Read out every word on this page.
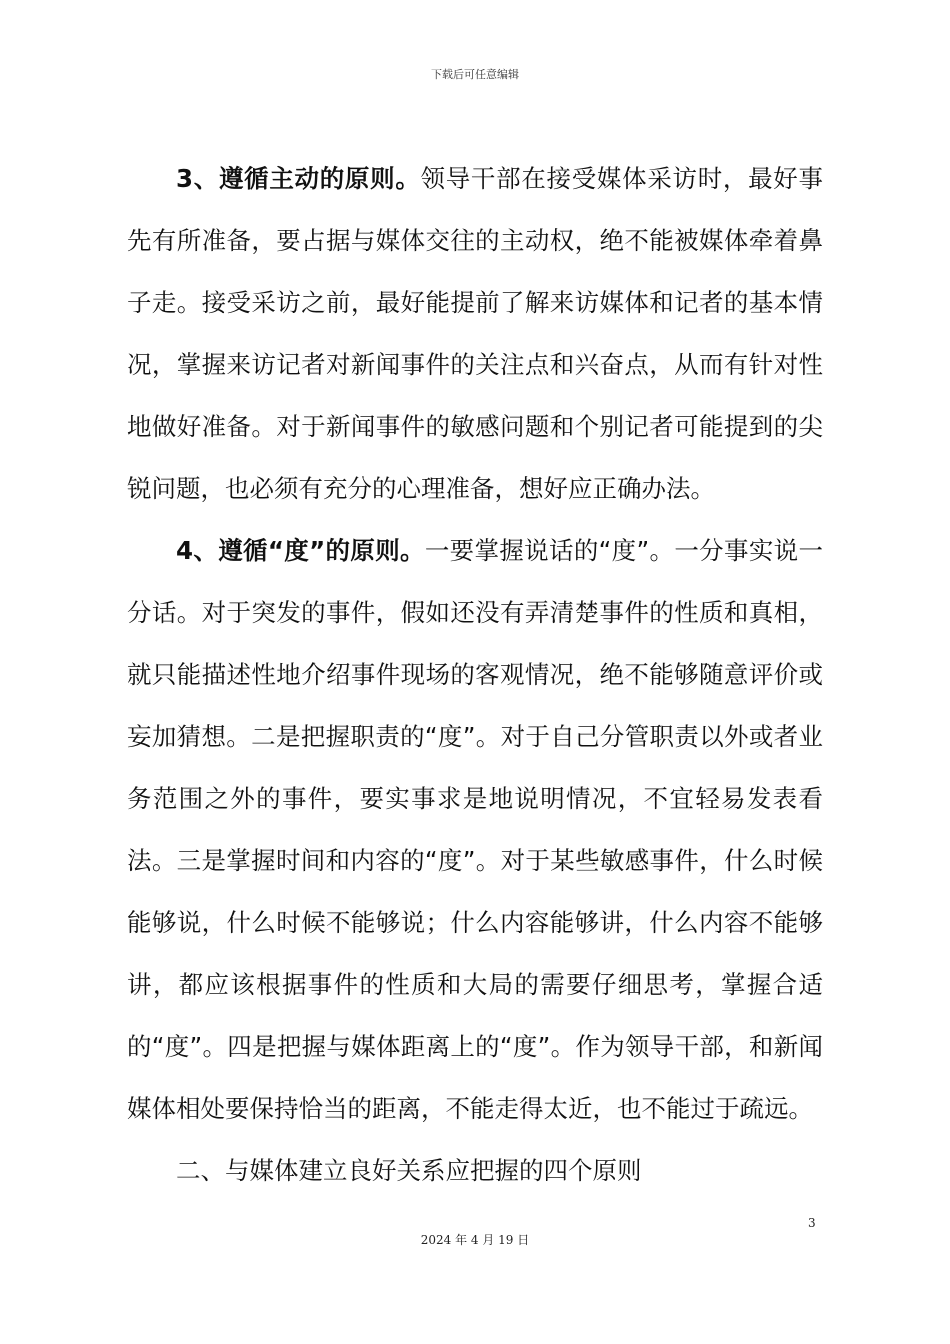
下载后可任意编辑

3、遵循主动的原则。领导干部在接受媒体采访时，最好事先有所准备，要占据与媒体交往的主动权，绝不能被媒体牵着鼻子走。接受采访之前，最好能提前了解来访媒体和记者的基本情况，掌握来访记者对新闻事件的关注点和兴奋点，从而有针对性地做好准备。对于新闻事件的敏感问题和个别记者可能提到的尖锐问题，也必须有充分的心理准备，想好应正确办法。

4、遵循“度”的原则。一要掌握说话的“度”。一分事实说一分话。对于突发的事件，假如还没有弄清楚事件的性质和真相，就只能描述性地介绍事件现场的客观情况，绝不能够随意评价或妄加猜想。二是把握职责的“度”。对于自己分管职责以外或者业务范围之外的事件，要实事求是地说明情况，不宜轻易发表看法。三是掌握时间和内容的“度”。对于某些敏感事件，什么时候能够说，什么时候不能够说；什么内容能够讲，什么内容不能够讲，都应该根据事件的性质和大局的需要仔细思考，掌握合适的“度”。四是把握与媒体距离上的“度”。作为领导干部，和新闻媒体相处要保持恰当的距离，不能走得太近，也不能过于疏远。

二、与媒体建立良好关系应把握的四个原则

3
2024 年 4 月 19 日
